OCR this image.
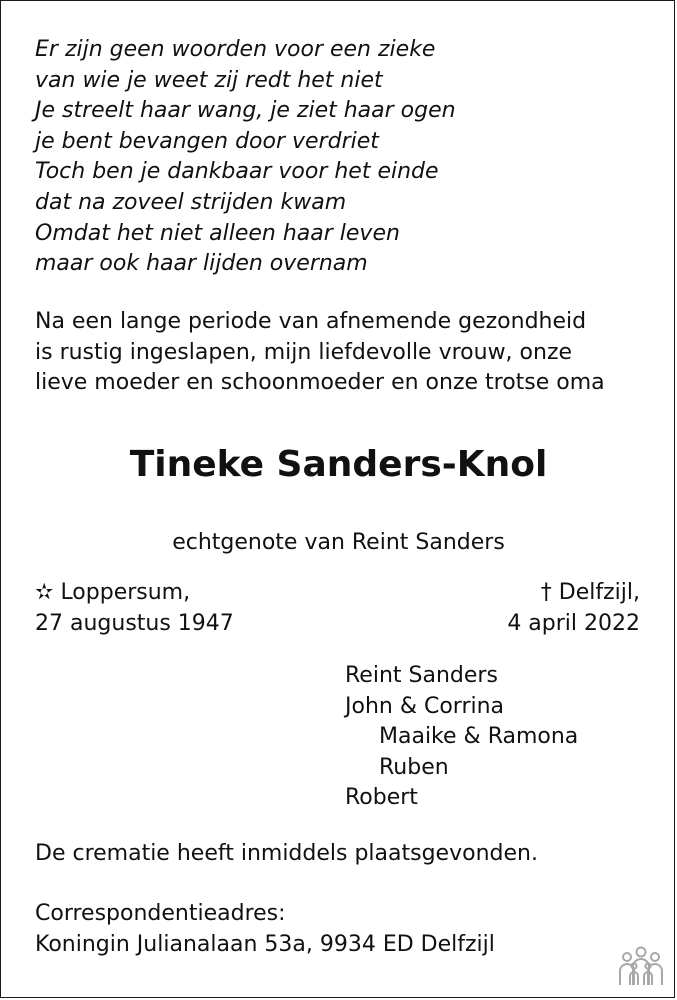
Er zijn geen woorden voor een zieke
van wie je weet zij redt het niet
Je streelt haar wang, je ziet haar ogen
je bent bevangen door verdriet
Toch ben je dankbaar voor het einde
dat na zoveel strijden kwam
Omdat het niet alleen haar leven
maar ook haar lijden overnam
Na een lange periode van afnemende gezondheid
is rustig ingeslapen, mijn liefdevolle vrouw, onze
lieve moeder en schoonmoeder en onze trotse oma
Tineke Sanders-Knol
echtgenote van Reint Sanders
✫ Loppersum,
27 augustus 1947
† Delfzijl,
4 april 2022
Reint Sanders
John & Corrina
Maaike & Ramona
Ruben
Robert
De crematie heeft inmiddels plaatsgevonden.
Correspondentieadres:
Koningin Julianalaan 53a, 9934 ED Delfzijl
